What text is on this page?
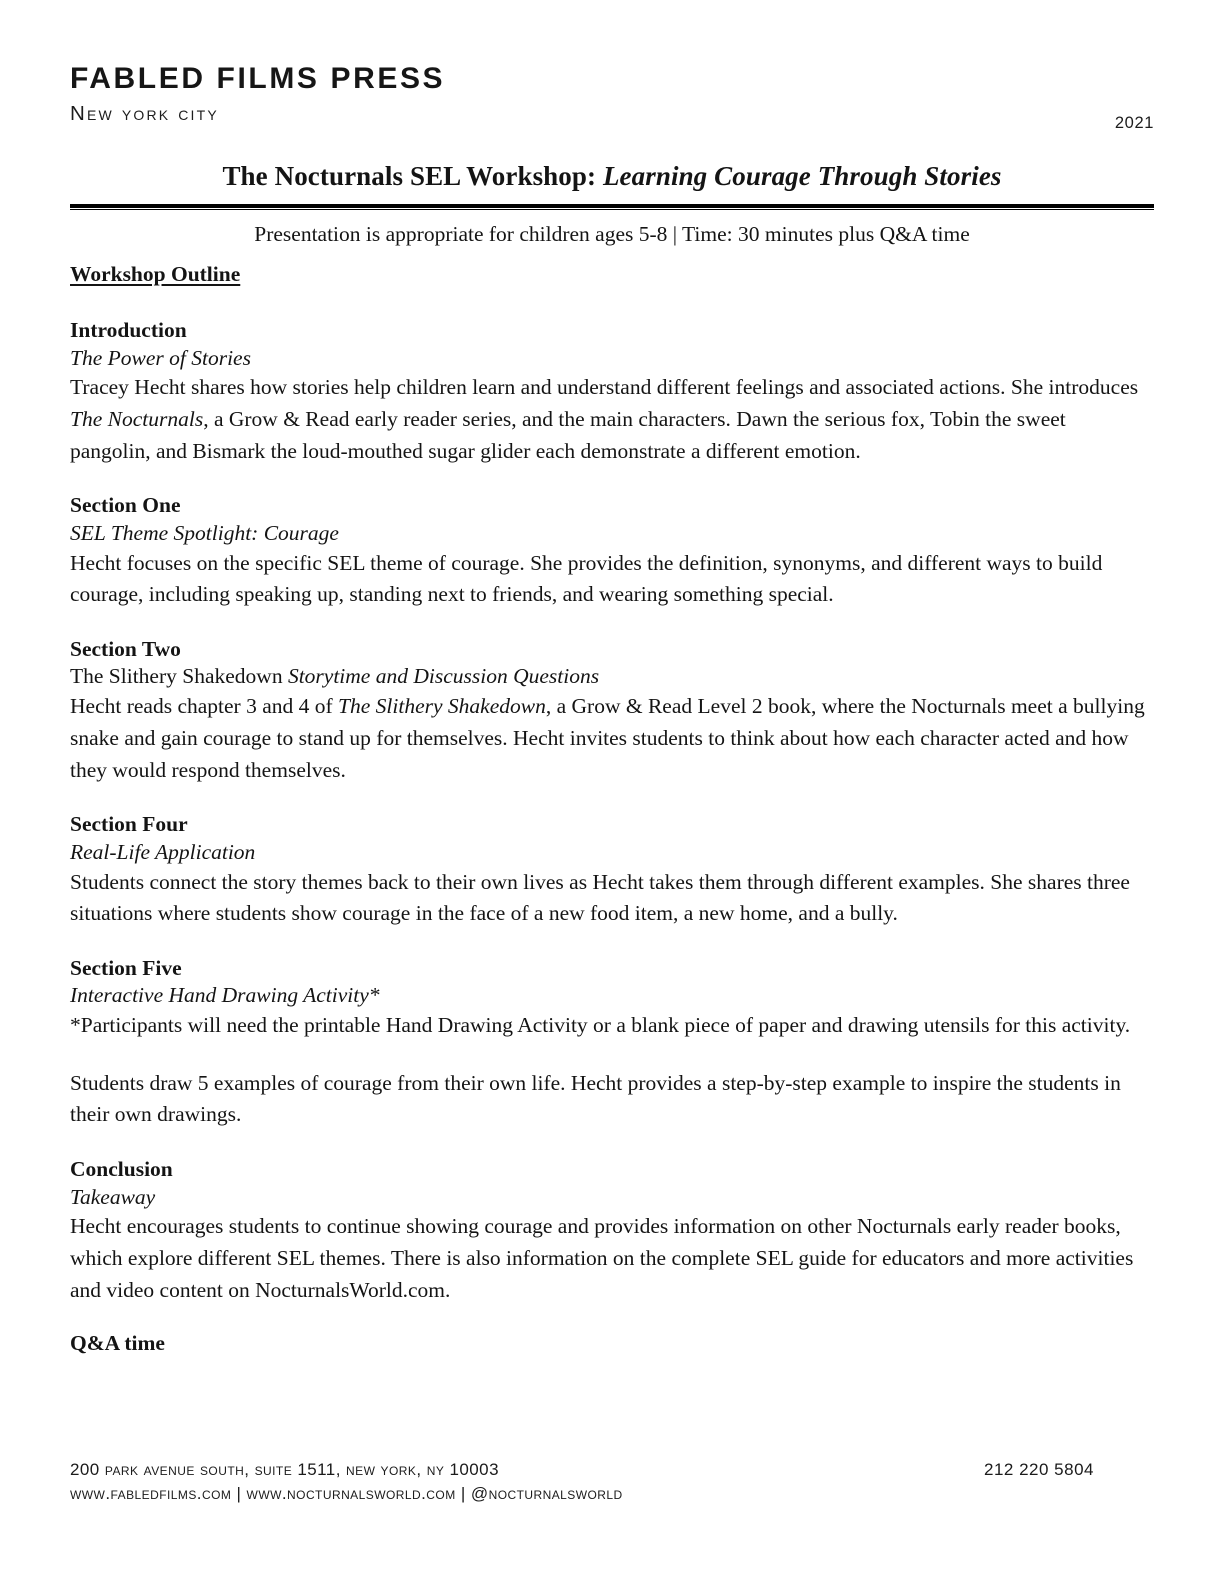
FABLED FILMS PRESS
New york city	2021
The Nocturnals SEL Workshop: Learning Courage Through Stories
Presentation is appropriate for children ages 5-8 | Time: 30 minutes plus Q&A time
Workshop Outline

Introduction

The Power of Stories

Tracey Hecht shares how stories help children learn and understand different feelings and associated actions. She introduces The Nocturnals, a Grow & Read early reader series, and the main characters. Dawn the serious fox, Tobin the sweet pangolin, and Bismark the loud-mouthed sugar glider each demonstrate a different emotion.

Section One

SEL Theme Spotlight: Courage

Hecht focuses on the specific SEL theme of courage. She provides the definition, synonyms, and different ways to build courage, including speaking up, standing next to friends, and wearing something special.

Section Two

The Slithery Shakedown Storytime and Discussion Questions

Hecht reads chapter 3 and 4 of The Slithery Shakedown, a Grow & Read Level 2 book, where the Nocturnals meet a bullying snake and gain courage to stand up for themselves. Hecht invites students to think about how each character acted and how they would respond themselves.

Section Four

Real-Life Application

Students connect the story themes back to their own lives as Hecht takes them through different examples. She shares three situations where students show courage in the face of a new food item, a new home, and a bully.

Section Five

Interactive Hand Drawing Activity*

*Participants will need the printable Hand Drawing Activity or a blank piece of paper and drawing utensils for this activity.

Students draw 5 examples of courage from their own life. Hecht provides a step-by-step example to inspire the students in their own drawings.

Conclusion

Takeaway

Hecht encourages students to continue showing courage and provides information on other Nocturnals early reader books, which explore different SEL themes. There is also information on the complete SEL guide for educators and more activities and video content on NocturnalsWorld.com.

Q&A time

200 park avenue south, suite 1511, new york, ny 10003
www.fabledfilms.com | www.nocturnalsworld.com | @nocturnalsworld
212 220 5804
